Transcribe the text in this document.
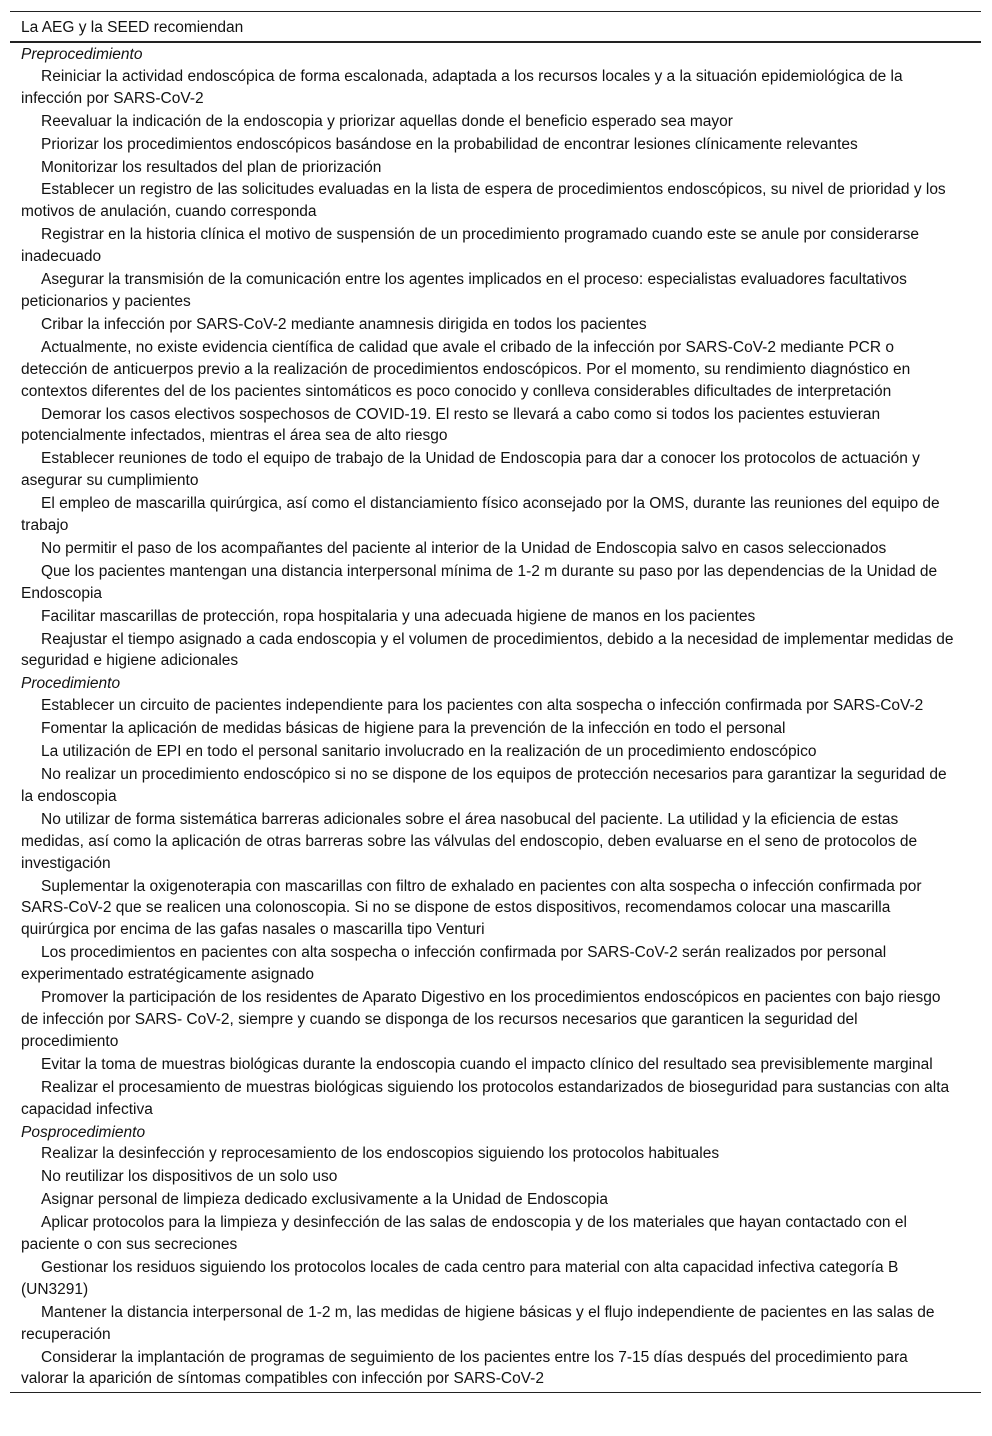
La AEG y la SEED recomiendan
Preprocedimiento
Reiniciar la actividad endoscópica de forma escalonada, adaptada a los recursos locales y a la situación epidemiológica de la infección por SARS-CoV-2
Reevaluar la indicación de la endoscopia y priorizar aquellas donde el beneficio esperado sea mayor
Priorizar los procedimientos endoscópicos basándose en la probabilidad de encontrar lesiones clínicamente relevantes
Monitorizar los resultados del plan de priorización
Establecer un registro de las solicitudes evaluadas en la lista de espera de procedimientos endoscópicos, su nivel de prioridad y los motivos de anulación, cuando corresponda
Registrar en la historia clínica el motivo de suspensión de un procedimiento programado cuando este se anule por considerarse inadecuado
Asegurar la transmisión de la comunicación entre los agentes implicados en el proceso: especialistas evaluadores facultativos peticionarios y pacientes
Cribar la infección por SARS-CoV-2 mediante anamnesis dirigida en todos los pacientes
Actualmente, no existe evidencia científica de calidad que avale el cribado de la infección por SARS-CoV-2 mediante PCR o detección de anticuerpos previo a la realización de procedimientos endoscópicos. Por el momento, su rendimiento diagnóstico en contextos diferentes del de los pacientes sintomáticos es poco conocido y conlleva considerables dificultades de interpretación
Demorar los casos electivos sospechosos de COVID-19. El resto se llevará a cabo como si todos los pacientes estuvieran potencialmente infectados, mientras el área sea de alto riesgo
Establecer reuniones de todo el equipo de trabajo de la Unidad de Endoscopia para dar a conocer los protocolos de actuación y asegurar su cumplimiento
El empleo de mascarilla quirúrgica, así como el distanciamiento físico aconsejado por la OMS, durante las reuniones del equipo de trabajo
No permitir el paso de los acompañantes del paciente al interior de la Unidad de Endoscopia salvo en casos seleccionados
Que los pacientes mantengan una distancia interpersonal mínima de 1-2 m durante su paso por las dependencias de la Unidad de Endoscopia
Facilitar mascarillas de protección, ropa hospitalaria y una adecuada higiene de manos en los pacientes
Reajustar el tiempo asignado a cada endoscopia y el volumen de procedimientos, debido a la necesidad de implementar medidas de seguridad e higiene adicionales
Procedimiento
Establecer un circuito de pacientes independiente para los pacientes con alta sospecha o infección confirmada por SARS-CoV-2
Fomentar la aplicación de medidas básicas de higiene para la prevención de la infección en todo el personal
La utilización de EPI en todo el personal sanitario involucrado en la realización de un procedimiento endoscópico
No realizar un procedimiento endoscópico si no se dispone de los equipos de protección necesarios para garantizar la seguridad de la endoscopia
No utilizar de forma sistemática barreras adicionales sobre el área nasobucal del paciente. La utilidad y la eficiencia de estas medidas, así como la aplicación de otras barreras sobre las válvulas del endoscopio, deben evaluarse en el seno de protocolos de investigación
Suplementar la oxigenoterapia con mascarillas con filtro de exhalado en pacientes con alta sospecha o infección confirmada por SARS-CoV-2 que se realicen una colonoscopia. Si no se dispone de estos dispositivos, recomendamos colocar una mascarilla quirúrgica por encima de las gafas nasales o mascarilla tipo Venturi
Los procedimientos en pacientes con alta sospecha o infección confirmada por SARS-CoV-2 serán realizados por personal experimentado estratégicamente asignado
Promover la participación de los residentes de Aparato Digestivo en los procedimientos endoscópicos en pacientes con bajo riesgo de infección por SARS- CoV-2, siempre y cuando se disponga de los recursos necesarios que garanticen la seguridad del procedimiento
Evitar la toma de muestras biológicas durante la endoscopia cuando el impacto clínico del resultado sea previsiblemente marginal
Realizar el procesamiento de muestras biológicas siguiendo los protocolos estandarizados de bioseguridad para sustancias con alta capacidad infectiva
Posprocedimiento
Realizar la desinfección y reprocesamiento de los endoscopios siguiendo los protocolos habituales
No reutilizar los dispositivos de un solo uso
Asignar personal de limpieza dedicado exclusivamente a la Unidad de Endoscopia
Aplicar protocolos para la limpieza y desinfección de las salas de endoscopia y de los materiales que hayan contactado con el paciente o con sus secreciones
Gestionar los residuos siguiendo los protocolos locales de cada centro para material con alta capacidad infectiva categoría B (UN3291)
Mantener la distancia interpersonal de 1-2 m, las medidas de higiene básicas y el flujo independiente de pacientes en las salas de recuperación
Considerar la implantación de programas de seguimiento de los pacientes entre los 7-15 días después del procedimiento para valorar la aparición de síntomas compatibles con infección por SARS-CoV-2
